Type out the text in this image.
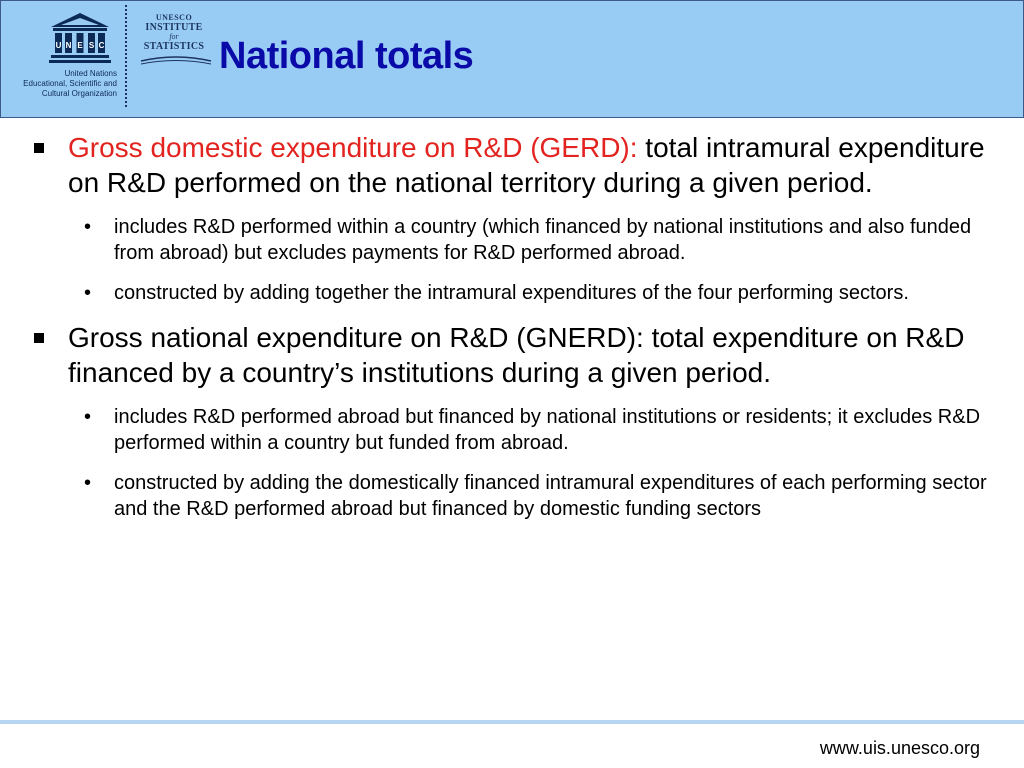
U N E S C
United Nations
Educational, Scientific and
Cultural Organization
UNESCO
INSTITUTE
for
STATISTICS National totals
Gross domestic expenditure on R&D (GERD): total intramural expenditure on R&D performed on the national territory during a given period.
• includes R&D performed within a country (which financed by national institutions and also funded from abroad) but excludes payments for R&D performed abroad.
• constructed by adding together the intramural expenditures of the four performing sectors.
Gross national expenditure on R&D (GNERD): total expenditure on R&D financed by a country’s institutions during a given period.
• includes R&D performed abroad but financed by national institutions or residents; it excludes R&D performed within a country but funded from abroad.
• constructed by adding the domestically financed intramural expenditures of each performing sector and the R&D performed abroad but financed by domestic funding sectors
www.uis.unesco.org
